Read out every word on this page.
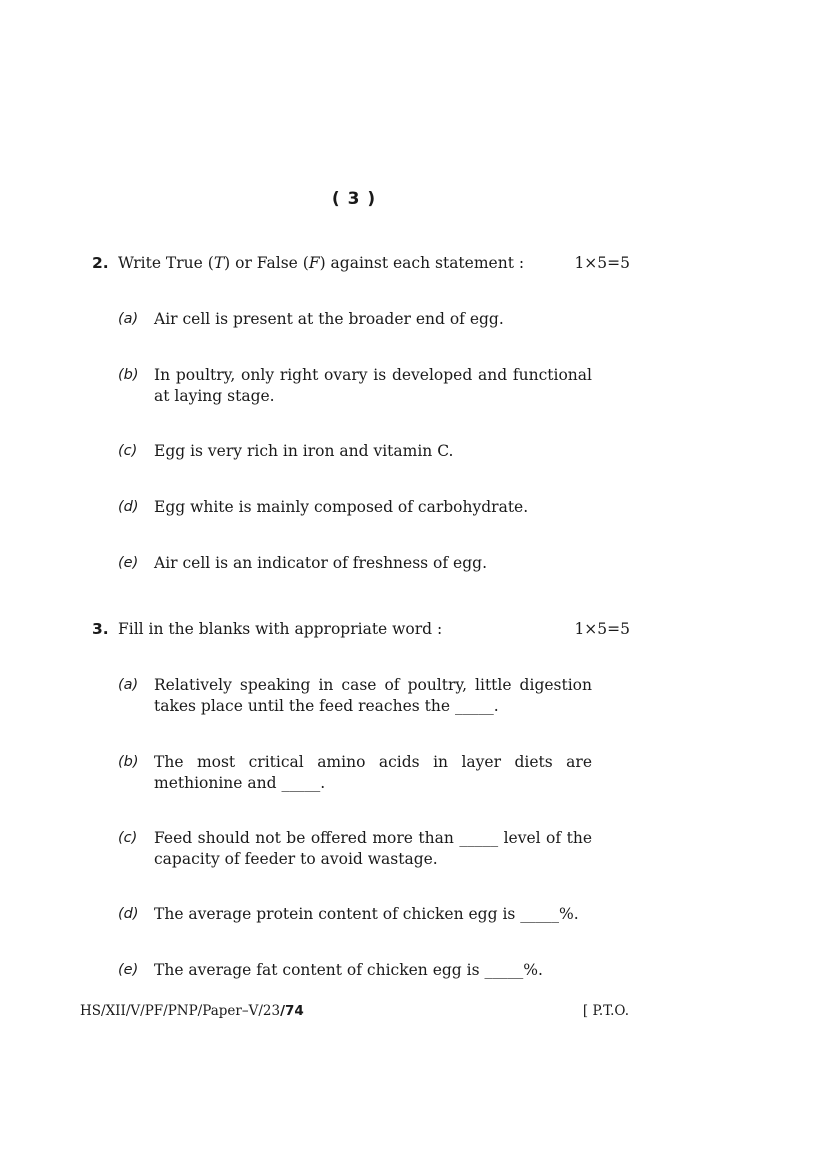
( 3 )
2. Write True (T) or False (F) against each statement :	1×5=5
(a) Air cell is present at the broader end of egg.
(b) In poultry, only right ovary is developed and functional at laying stage.
(c) Egg is very rich in iron and vitamin C.
(d) Egg white is mainly composed of carbohydrate.
(e) Air cell is an indicator of freshness of egg.
3. Fill in the blanks with appropriate word :	1×5=5
(a) Relatively speaking in case of poultry, little digestion takes place until the feed reaches the _____.
(b) The most critical amino acids in layer diets are methionine and _____.
(c) Feed should not be offered more than _____ level of the capacity of feeder to avoid wastage.
(d) The average protein content of chicken egg is _____%.
(e) The average fat content of chicken egg is _____%.
HS/XII/V/PF/PNP/Paper–V/23/74	[ P.T.O.
